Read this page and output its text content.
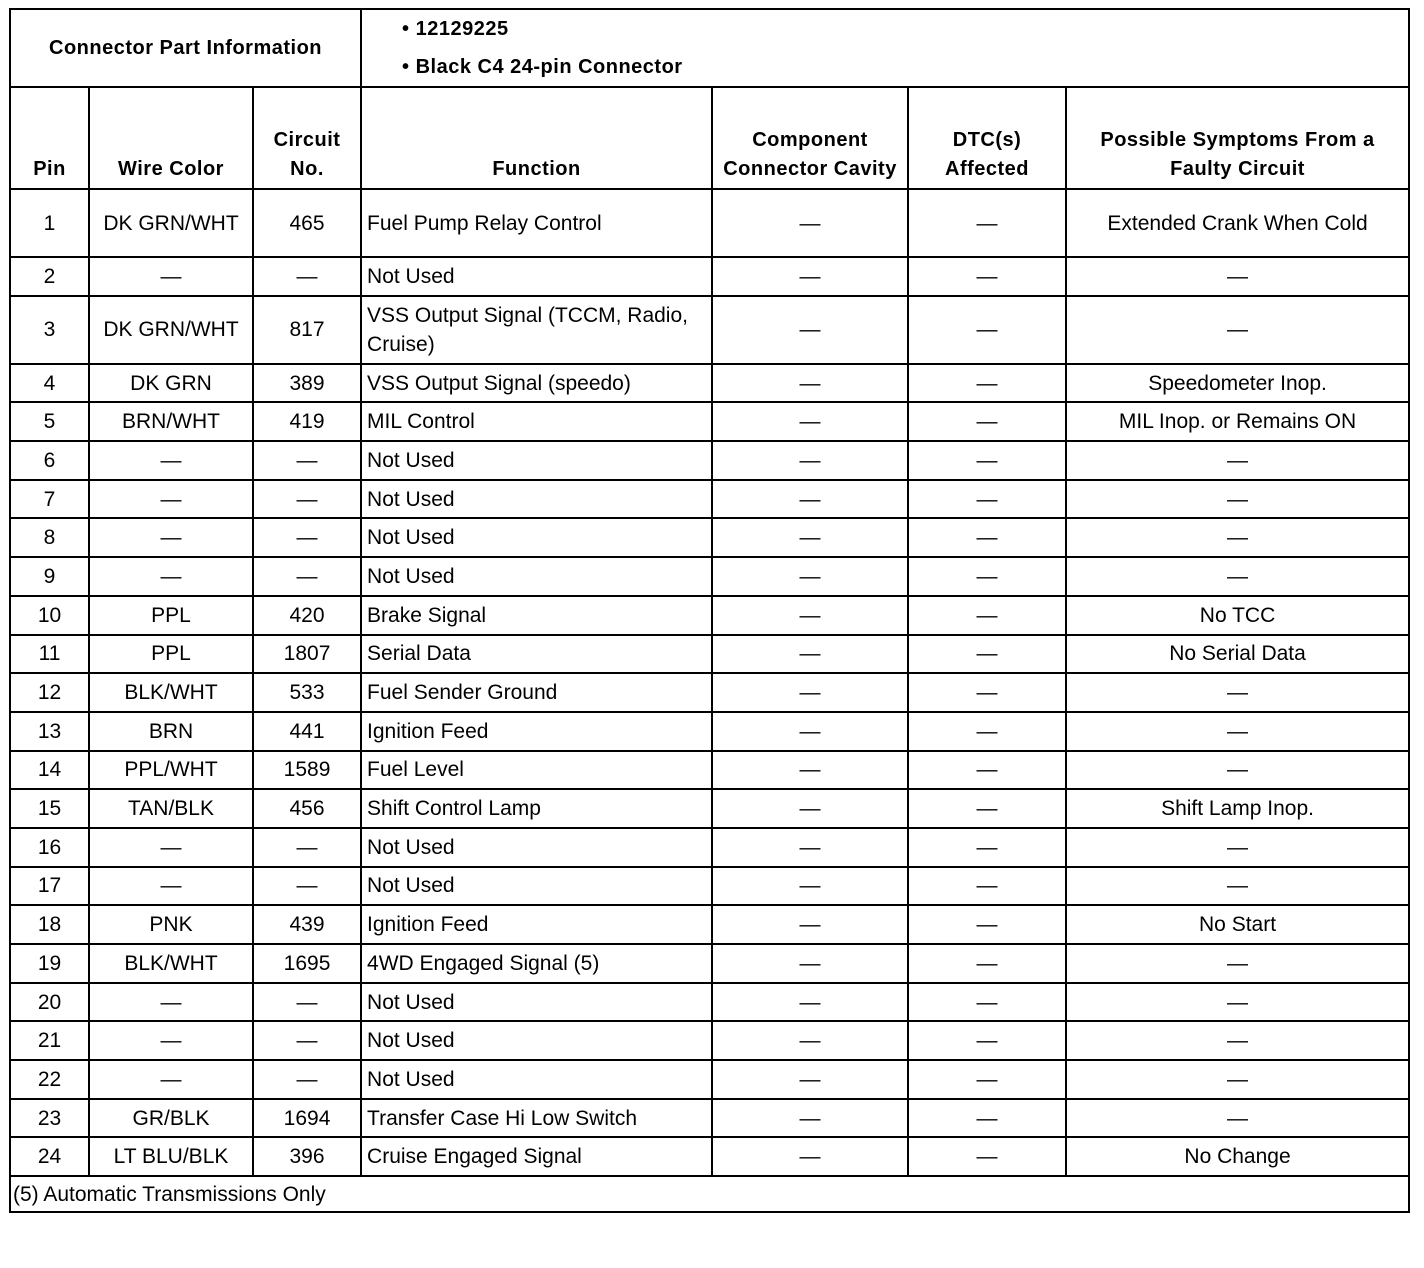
Connector Part Information			• 12129225
• Black C4 24-pin Connector			

Pin	Wire Color	Circuit No.	Function	Component Connector Cavity	DTC(s) Affected	Possible Symptoms From a Faulty Circuit
1	DK GRN/WHT	465	Fuel Pump Relay Control	—	—	Extended Crank When Cold
2	—	—	Not Used	—	—	—
3	DK GRN/WHT	817	VSS Output Signal (TCCM, Radio, Cruise)	—	—	—
4	DK GRN	389	VSS Output Signal (speedo)	—	—	Speedometer Inop.
5	BRN/WHT	419	MIL Control	—	—	MIL Inop. or Remains ON
6	—	—	Not Used	—	—	—
7	—	—	Not Used	—	—	—
8	—	—	Not Used	—	—	—
9	—	—	Not Used	—	—	—
10	PPL	420	Brake Signal	—	—	No TCC
11	PPL	1807	Serial Data	—	—	No Serial Data
12	BLK/WHT	533	Fuel Sender Ground	—	—	—
13	BRN	441	Ignition Feed	—	—	—
14	PPL/WHT	1589	Fuel Level	—	—	—
15	TAN/BLK	456	Shift Control Lamp	—	—	Shift Lamp Inop.
16	—	—	Not Used	—	—	—
17	—	—	Not Used	—	—	—
18	PNK	439	Ignition Feed	—	—	No Start
19	BLK/WHT	1695	4WD Engaged Signal (5)	—	—	—
20	—	—	Not Used	—	—	—
21	—	—	Not Used	—	—	—
22	—	—	Not Used	—	—	—
23	GR/BLK	1694	Transfer Case Hi Low Switch	—	—	—
24	LT BLU/BLK	396	Cruise Engaged Signal	—	—	No Change
(5) Automatic Transmissions Only						
